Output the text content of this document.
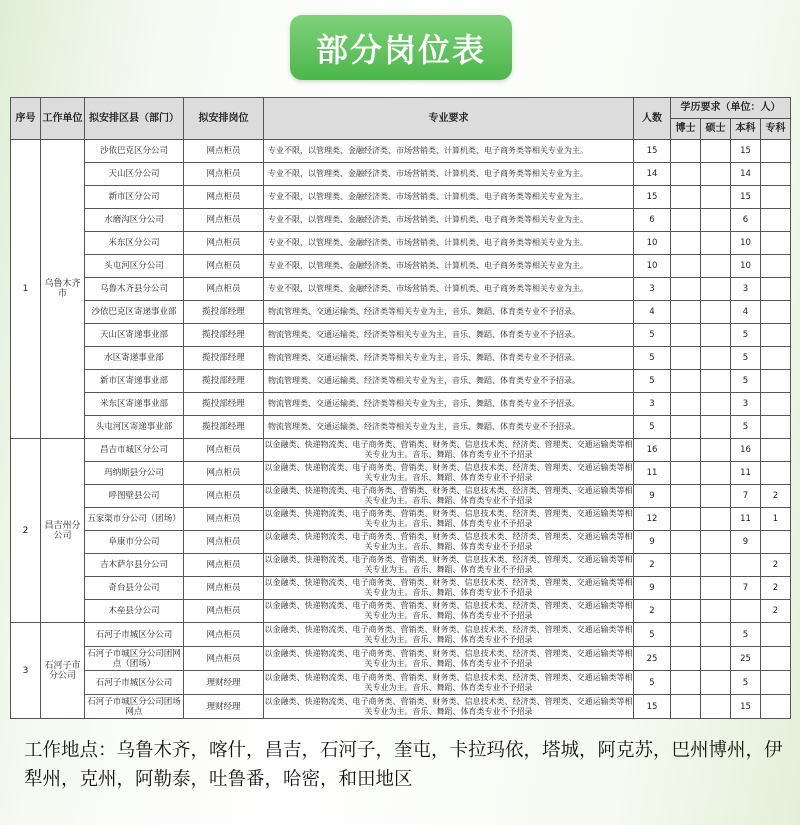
部分岗位表
序号	工作单位	拟安排区县（部门）	拟安排岗位	专业要求	人数	学历要求（单位：人）			
						博士	硕士	本科	专科
1	乌鲁木齐市	沙依巴克区分公司	网点柜员	专业不限，以管理类、金融经济类、市场营销类、计算机类、电子商务类等相关专业为主。	15			15	
		天山区分公司	网点柜员	专业不限，以管理类、金融经济类、市场营销类、计算机类、电子商务类等相关专业为主。	14			14	
		新市区分公司	网点柜员	专业不限，以管理类、金融经济类、市场营销类、计算机类、电子商务类等相关专业为主。	15			15	
		水磨沟区分公司	网点柜员	专业不限，以管理类、金融经济类、市场营销类、计算机类、电子商务类等相关专业为主。	6			6	
		米东区分公司	网点柜员	专业不限，以管理类、金融经济类、市场营销类、计算机类、电子商务类等相关专业为主。	10			10	
		头屯河区分公司	网点柜员	专业不限，以管理类、金融经济类、市场营销类、计算机类、电子商务类等相关专业为主。	10			10	
		乌鲁木齐县分公司	网点柜员	专业不限，以管理类、金融经济类、市场营销类、计算机类、电子商务类等相关专业为主。	3			3	
		沙依巴克区寄递事业部	揽投部经理	物流管理类、交通运输类、经济类等相关专业为主，音乐、舞蹈、体育类专业不予招录。	4			4	
		天山区寄递事业部	揽投部经理	物流管理类、交通运输类、经济类等相关专业为主，音乐、舞蹈、体育类专业不予招录。	5			5	
		水区寄递事业部	揽投部经理	物流管理类、交通运输类、经济类等相关专业为主，音乐、舞蹈、体育类专业不予招录。	5			5	
		新市区寄递事业部	揽投部经理	物流管理类、交通运输类、经济类等相关专业为主，音乐、舞蹈、体育类专业不予招录。	5			5	
		米东区寄递事业部	揽投部经理	物流管理类、交通运输类、经济类等相关专业为主，音乐、舞蹈、体育类专业不予招录。	3			3	
		头屯河区寄递事业部	揽投部经理	物流管理类、交通运输类、经济类等相关专业为主，音乐、舞蹈、体育类专业不予招录。	5			5	
2	昌吉州分公司	昌吉市城区分公司	网点柜员	以金融类、快递物流类、电子商务类、营销类、财务类、信息技术类、经济类、管理类、交通运输类等相关专业为主。音乐、舞蹈、体育类专业不予招录	16			16	
		玛纳斯县分公司	网点柜员	以金融类、快递物流类、电子商务类、营销类、财务类、信息技术类、经济类、管理类、交通运输类等相关专业为主。音乐、舞蹈、体育类专业不予招录	11			11	
		呼图壁县公司	网点柜员	以金融类、快递物流类、电子商务类、营销类、财务类、信息技术类、经济类、管理类、交通运输类等相关专业为主。音乐、舞蹈、体育类专业不予招录	9			7	2
		五家渠市分公司（团场）	网点柜员	以金融类、快递物流类、电子商务类、营销类、财务类、信息技术类、经济类、管理类、交通运输类等相关专业为主。音乐、舞蹈、体育类专业不予招录	12			11	1
		阜康市分公司	网点柜员	以金融类、快递物流类、电子商务类、营销类、财务类、信息技术类、经济类、管理类、交通运输类等相关专业为主。音乐、舞蹈、体育类专业不予招录	9			9	
		吉木萨尔县分公司	网点柜员	以金融类、快递物流类、电子商务类、营销类、财务类、信息技术类、经济类、管理类、交通运输类等相关专业为主。音乐、舞蹈、体育类专业不予招录	2				2
		奇台县分公司	网点柜员	以金融类、快递物流类、电子商务类、营销类、财务类、信息技术类、经济类、管理类、交通运输类等相关专业为主。音乐、舞蹈、体育类专业不予招录	9			7	2
		木垒县分公司	网点柜员	以金融类、快递物流类、电子商务类、营销类、财务类、信息技术类、经济类、管理类、交通运输类等相关专业为主。音乐、舞蹈、体育类专业不予招录	2				2
3	石河子市分公司	石河子市城区分公司	网点柜员	以金融类、快递物流类、电子商务类、营销类、财务类、信息技术类、经济类、管理类、交通运输类等相关专业为主。音乐、舞蹈、体育类专业不予招录	5			5	
		石河子市城区分公司团网点（团场）	网点柜员	以金融类、快递物流类、电子商务类、营销类、财务类、信息技术类、经济类、管理类、交通运输类等相关专业为主。音乐、舞蹈、体育类专业不予招录	25			25	
		石河子市城区分公司	理财经理	以金融类、快递物流类、电子商务类、营销类、财务类、信息技术类、经济类、管理类、交通运输类等相关专业为主。音乐、舞蹈、体育类专业不予招录	5			5	
		石河子市城区分公司团场网点	理财经理	以金融类、快递物流类、电子商务类、营销类、财务类、信息技术类、经济类、管理类、交通运输类等相关专业为主。音乐、舞蹈、体育类专业不予招录	15			15	
工作地点：乌鲁木齐，喀什，昌吉，石河子，奎屯，卡拉玛依，塔城，阿克苏，巴州博州，伊犁州，克州，阿勒泰，吐鲁番，哈密，和田地区
